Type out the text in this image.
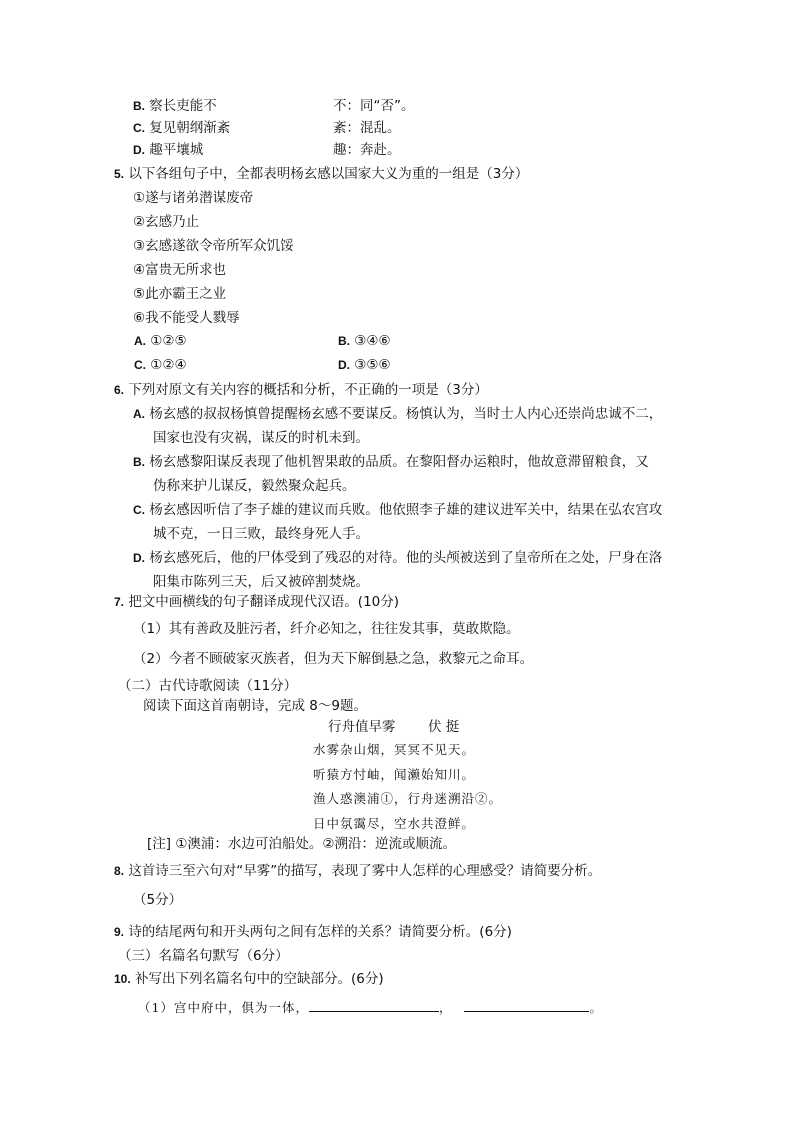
B. 察长吏能不	不：同“否”。
C. 复见朝纲渐紊	紊：混乱。
D. 趣平壤城	趣：奔赴。
5. 以下各组句子中，全都表明杨玄感以国家大义为重的一组是（3分）
①遂与诸弟潜谋废帝
②玄感乃止
③玄感遂欲令帝所军众饥馁
④富贵无所求也
⑤此亦霸王之业
⑥我不能受人戮辱
A. ①②⑤	B. ③④⑥
C. ①②④	D. ③⑤⑥
6. 下列对原文有关内容的概括和分析，不正确的一项是（3分）
A. 杨玄感的叔叔杨慎曾提醒杨玄感不要谋反。杨慎认为，当时士人内心还崇尚忠诚不二，
国家也没有灾祸，谋反的时机未到。
B. 杨玄感黎阳谋反表现了他机智果敢的品质。在黎阳督办运粮时，他故意滞留粮食，又
伪称来护儿谋反，毅然聚众起兵。
C. 杨玄感因听信了李子雄的建议而兵败。他依照李子雄的建议进军关中，结果在弘农宫攻
城不克，一日三败，最终身死人手。
D. 杨玄感死后，他的尸体受到了残忍的对待。他的头颅被送到了皇帝所在之处，尸身在洛
阳集市陈列三天，后又被碎割焚烧。
7. 把文中画横线的句子翻译成现代汉语。(10分)
（1）其有善政及脏污者，纤介必知之，往往发其事，莫敢欺隐。
（2）今者不顾破家灭族者，但为天下解倒悬之急，救黎元之命耳。
（二）古代诗歌阅读（11分）
阅读下面这首南朝诗，完成 8～9题。
行舟值早雾 伏 挺
水雾杂山烟，冥冥不见天。
听猿方忖岫，闻濑始知川。
渔人惑澳浦①，行舟迷溯沿②。
日中氛霭尽，空水共澄鲜。
[注] ①澳浦：水边可泊船处。②溯沿：逆流或顺流。
8. 这首诗三至六句对“早雾”的描写，表现了雾中人怎样的心理感受？请简要分析。
（5分）
9. 诗的结尾两句和开头两句之间有怎样的关系？请简要分析。(6分)
（三）名篇名句默写（6分）
10. 补写出下列名篇名句中的空缺部分。(6分)
（1）宫中府中，俱为一体，	，	。
